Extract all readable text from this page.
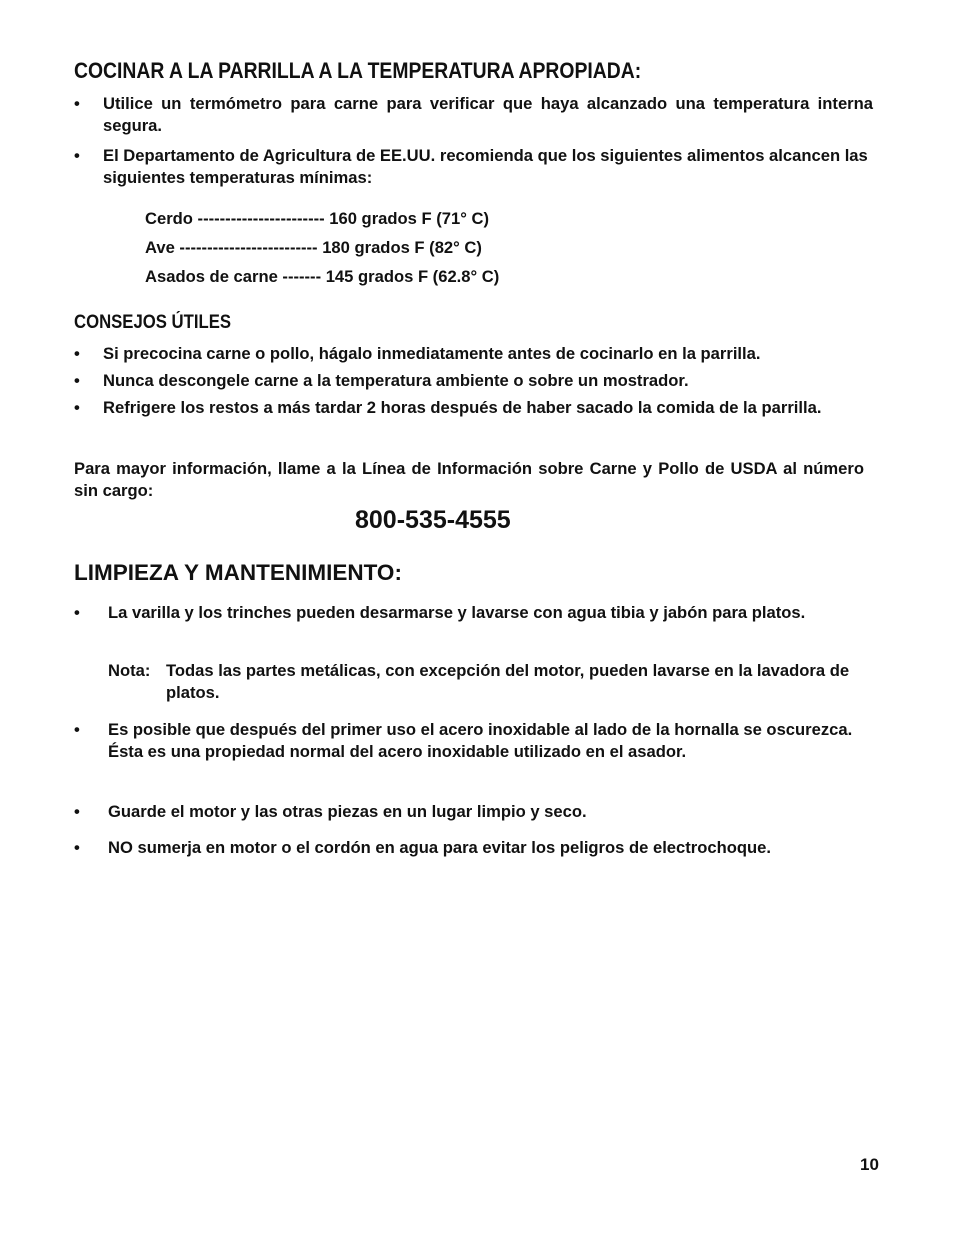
COCINAR A LA PARRILLA A LA TEMPERATURA APROPIADA:
• Utilice un termómetro para carne para verificar que haya alcanzado una temperatura interna segura.
• El Departamento de Agricultura de EE.UU. recomienda que los siguientes alimentos alcancen las siguientes temperaturas mínimas:
Cerdo ----------------------- 160 grados F (71° C)
Ave ------------------------- 180 grados F (82° C)
Asados de carne ------- 145 grados F (62.8° C)
CONSEJOS ÚTILES
• Si precocina carne o pollo, hágalo inmediatamente antes de cocinarlo en la parrilla.
• Nunca descongele carne a la temperatura ambiente o sobre un mostrador.
• Refrigere los restos a más tardar 2 horas después de haber sacado la comida de la parrilla.

Para mayor información, llame a la Línea de Información sobre Carne y Pollo de USDA al número sin cargo:

800-535-4555
LIMPIEZA Y MANTENIMIENTO:
• La varilla y los trinches pueden desarmarse y lavarse con agua tibia y jabón para platos.
Nota: Todas las partes metálicas, con excepción del motor, pueden lavarse en la lavadora de platos.
• Es posible que después del primer uso el acero inoxidable al lado de la hornalla se oscurezca. Ésta es una propiedad normal del acero inoxidable utilizado en el asador.
• Guarde el motor y las otras piezas en un lugar limpio y seco.
• NO sumerja en motor o el cordón en agua para evitar los peligros de electrochoque.
10
